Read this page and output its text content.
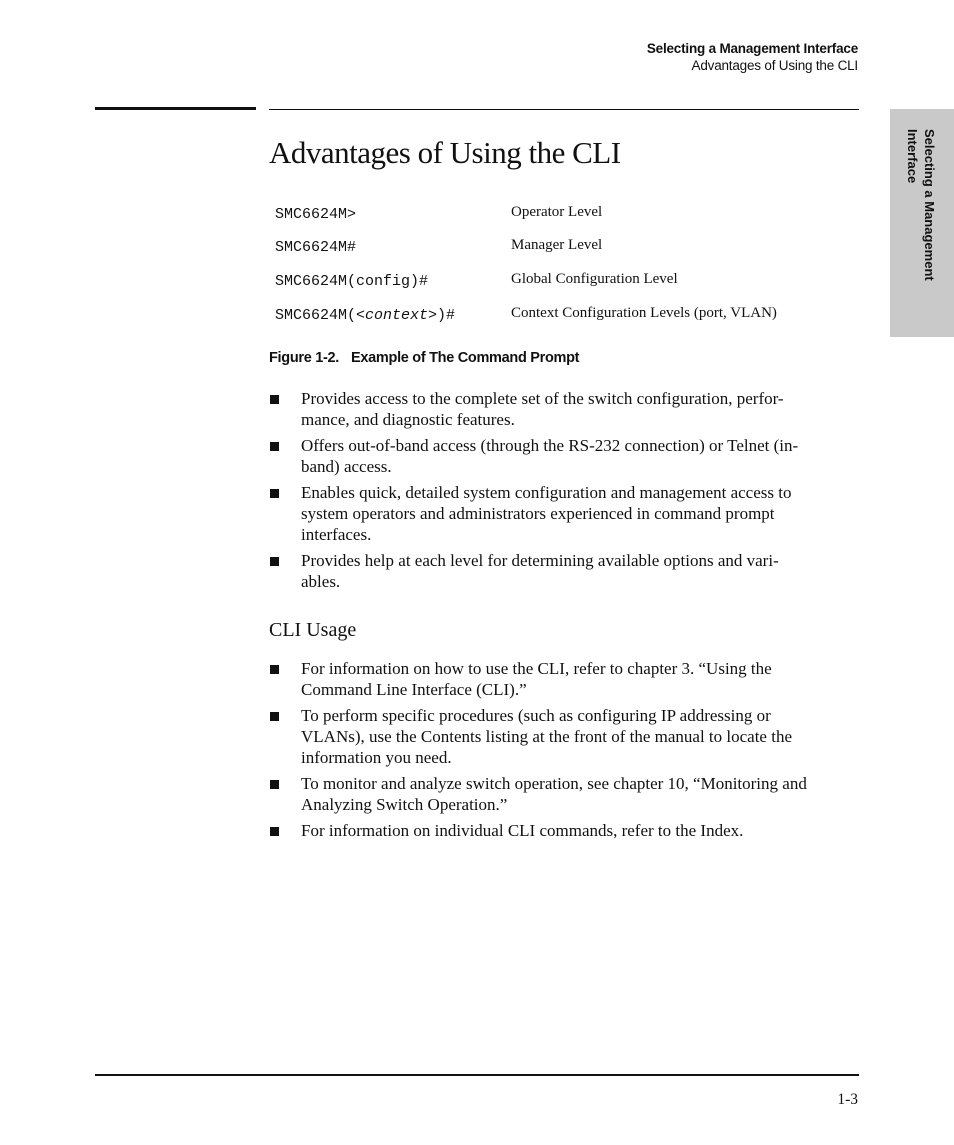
Selecting a Management Interface
Advantages of Using the CLI
Selecting a Management
Interface
Advantages of Using the CLI
SMC6624M>	Operator Level
SMC6624M#	Manager Level
SMC6624M(config)#	Global Configuration Level
SMC6624M(<context>)#	Context Configuration Levels (port, VLAN)
Figure 1-2. Example of The Command Prompt
Provides access to the complete set of the switch configuration, perfor-
mance, and diagnostic features.
Offers out-of-band access (through the RS-232 connection) or Telnet (in-
band) access.
Enables quick, detailed system configuration and management access to
system operators and administrators experienced in command prompt
interfaces.
Provides help at each level for determining available options and vari-
ables.
CLI Usage
For information on how to use the CLI, refer to chapter 3. “Using the
Command Line Interface (CLI).”
To perform specific procedures (such as configuring IP addressing or
VLANs), use the Contents listing at the front of the manual to locate the
information you need.
To monitor and analyze switch operation, see chapter 10, “Monitoring and
Analyzing Switch Operation.”
For information on individual CLI commands, refer to the Index.
1-3
